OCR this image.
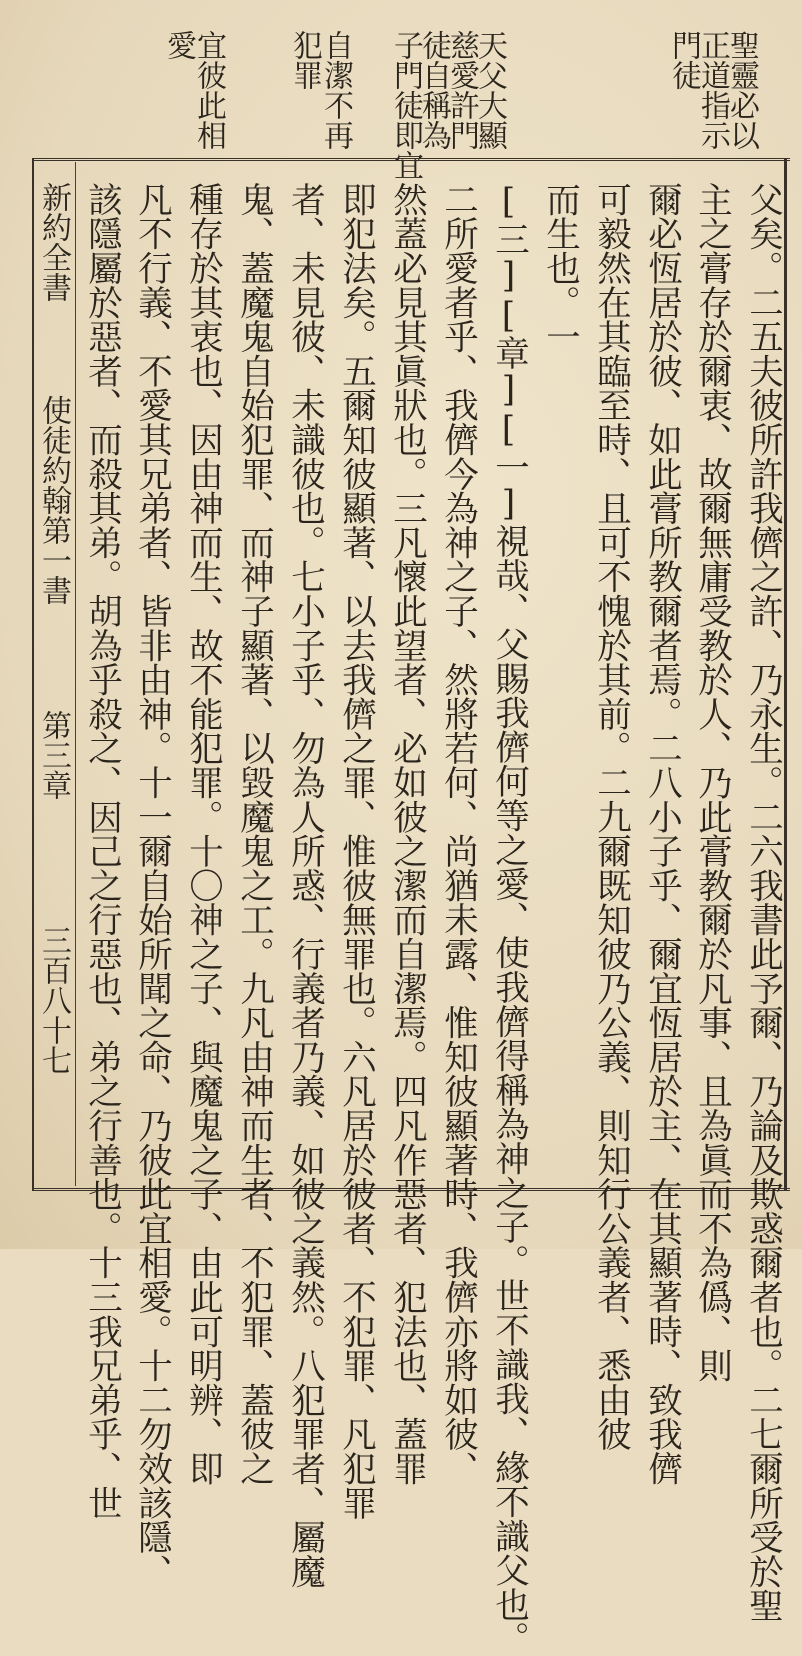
聖靈必以
正道指示
門徒
天父大顯
慈愛許門
徒自稱為
子門徒即宜
自潔不再
犯罪
宜彼此相
愛
父矣。二五夫彼所許我儕之許、乃永生。二六我書此予爾、乃論及欺惑爾者也。二七爾所受於聖
主之膏存於爾衷、故爾無庸受教於人、乃此膏教爾於凡事、且為眞而不為僞、則
爾必恆居於彼、如此膏所教爾者焉。二八小子乎、爾宜恆居於主、在其顯著時、致我儕
可毅然在其臨至時、且可不愧於其前。二九爾既知彼乃公義、則知行公義者、悉由彼
而生也。一
[三][章][一]視哉、父賜我儕何等之愛、使我儕得稱為神之子。世不識我、緣不識父也。
二所愛者乎、我儕今為神之子、然將若何、尚猶未露、惟知彼顯著時、我儕亦將如彼、
然蓋必見其眞狀也。三凡懷此望者、必如彼之潔而自潔焉。四凡作惡者、犯法也、蓋罪
即犯法矣。五爾知彼顯著、以去我儕之罪、惟彼無罪也。六凡居於彼者、不犯罪、凡犯罪
者、未見彼、未識彼也。七小子乎、勿為人所惑、行義者乃義、如彼之義然。八犯罪者、屬魔
鬼、蓋魔鬼自始犯罪、而神子顯著、以毀魔鬼之工。九凡由神而生者、不犯罪、蓋彼之
種存於其衷也、因由神而生、故不能犯罪。十〇神之子、與魔鬼之子、由此可明辨、即
凡不行義、不愛其兄弟者、皆非由神。十一爾自始所聞之命、乃彼此宜相愛。十二勿效該隱、
該隱屬於惡者、而殺其弟。胡為乎殺之、因己之行惡也、弟之行善也。十三我兄弟乎、世
新約全書
使徒約翰第一書
第三章
三百八十七
